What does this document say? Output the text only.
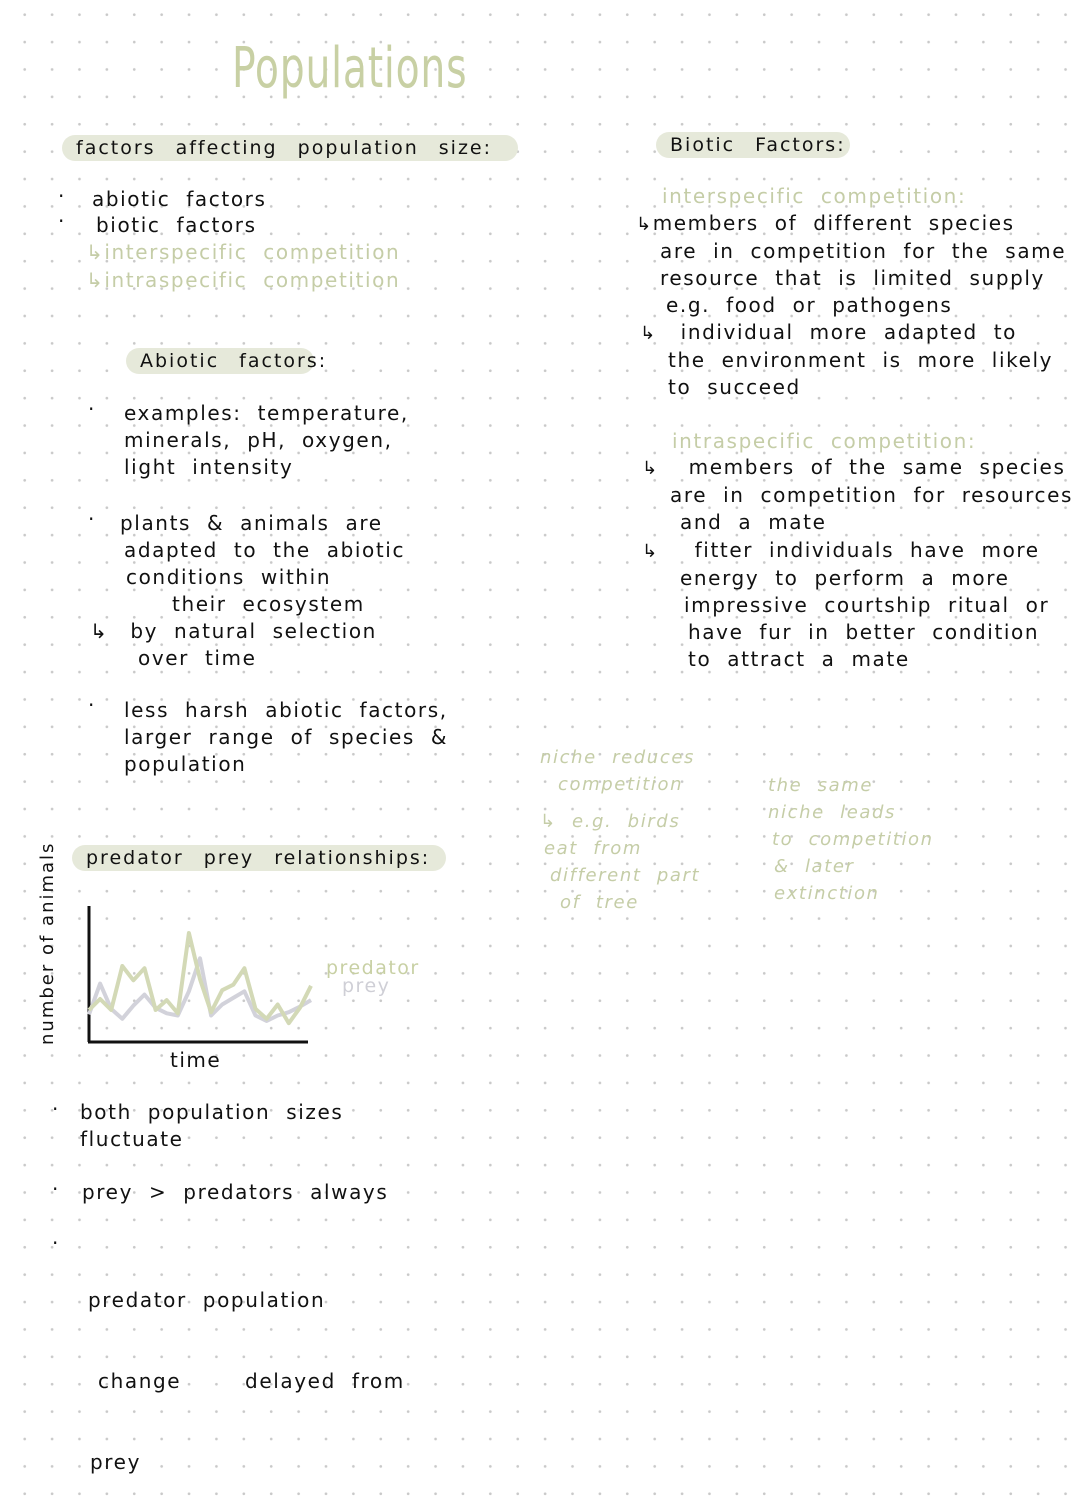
Populations
factors affecting population size:
· abiotic factors
· biotic factors
↳interspecific competition
↳intraspecific competition
Abiotic factors:
· examples: temperature,
minerals, pH, oxygen,
light intensity
· plants & animals are
adapted to the abiotic
conditions within
their ecosystem
↳ by natural selection
over time
· less harsh abiotic factors,
larger range of species &
population
Biotic Factors:
interspecific competition:
↳members of different species
are in competition for the same
resource that is limited supply
e.g. food or pathogens
↳ individual more adapted to
the environment is more likely
to succeed
intraspecific competition:
↳ members of the same species
are in competition for resources
and a mate
↳ fitter individuals have more
energy to perform a more
impressive courtship ritual or
have fur in better condition
to attract a mate
niche reduces
competition
↳ e.g. birds
eat from
different part
of tree
the same
niche leads
to competition
& later
extinction
predator prey relationships:
number of animals
time
predator
prey
· both population sizes
fluctuate
· prey > predators always
·

predator population

change    delayed from

prey
